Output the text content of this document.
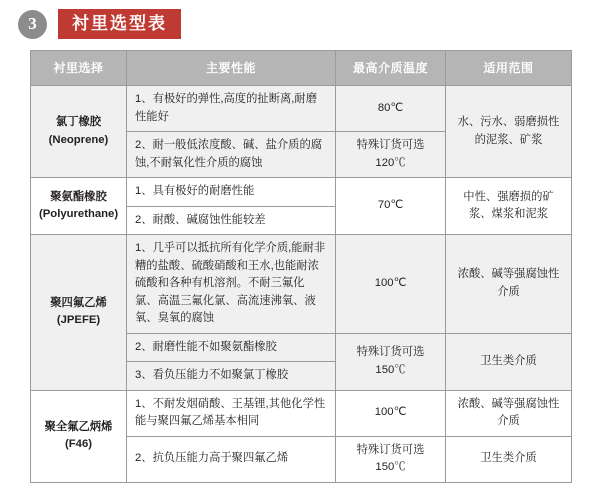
3	衬里选型表
衬里选择	主要性能	最高介质温度	适用范围
氯丁橡胶
(Neoprene)	1、有极好的弹性,高度的扯断离,耐磨性能好	80℃	水、污水、弱磨损性的泥浆、矿浆
	2、耐一般低浓度酸、碱、盐介质的腐蚀,不耐氧化性介质的腐蚀	特殊订货可选120℃	
聚氨酯橡胶
(Polyurethane)	1、具有极好的耐磨性能	70℃	中性、强磨损的矿浆、煤浆和泥浆
	2、耐酸、碱腐蚀性能较差		
聚四氟乙烯
(JPEFE)	1、几乎可以抵抗所有化学介质,能耐非糟的盐酸、硫酸硝酸和王水,也能耐浓硫酸和各种有机溶剂。不耐三氟化氯、高温三氟化氯、高流速沸氧、液氧、臭氧的腐蚀	100℃	浓酸、碱等强腐蚀性介质
	2、耐磨性能不如聚氨酯橡胶	特殊订货可选150℃	卫生类介质
	3、看负压能力不如聚氯丁橡胶		
聚全氟乙炳烯
(F46)	1、不耐发烟硝酸、王基锂,其他化学性能与聚四氟乙烯基本相同	100℃	浓酸、碱等强腐蚀性介质
	2、抗负压能力高于聚四氟乙烯	特殊订货可选150℃	卫生类介质
